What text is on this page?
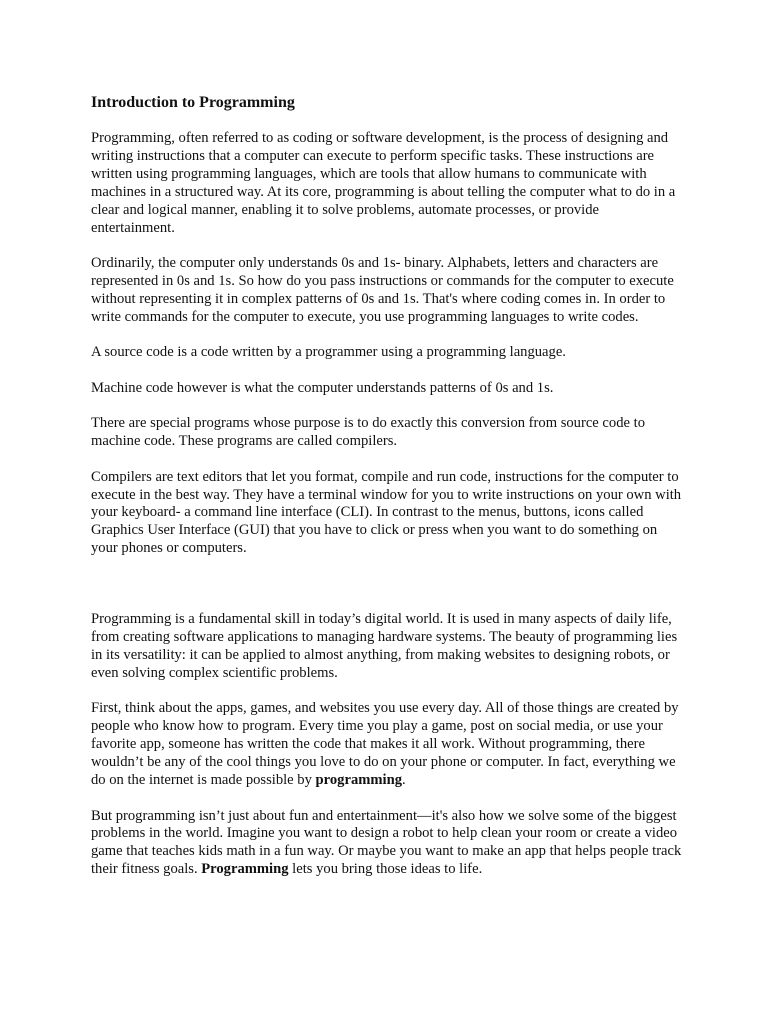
Introduction to Programming

Programming, often referred to as coding or software development, is the process of designing and writing instructions that a computer can execute to perform specific tasks. These instructions are written using programming languages, which are tools that allow humans to communicate with machines in a structured way. At its core, programming is about telling the computer what to do in a clear and logical manner, enabling it to solve problems, automate processes, or provide entertainment.

Ordinarily, the computer only understands 0s and 1s- binary. Alphabets, letters and characters are represented in 0s and 1s. So how do you pass instructions or commands for the computer to execute without representing it in complex patterns of 0s and 1s. That's where coding comes in. In order to write commands for the computer to execute, you use programming languages to write codes.

A source code is a code written by a programmer using a programming language.

Machine code however is what the computer understands patterns of 0s and 1s.

There are special programs whose purpose is to do exactly this conversion from source code to machine code. These programs are called compilers.

Compilers are text editors that let you format, compile and run code, instructions for the computer to execute in the best way. They have a terminal window for you to write instructions on your own with your keyboard- a command line interface (CLI). In contrast to the menus, buttons, icons called Graphics User Interface (GUI) that you have to click or press when you want to do something on your phones or computers.

Programming is a fundamental skill in today’s digital world. It is used in many aspects of daily life, from creating software applications to managing hardware systems. The beauty of programming lies in its versatility: it can be applied to almost anything, from making websites to designing robots, or even solving complex scientific problems.

First, think about the apps, games, and websites you use every day. All of those things are created by people who know how to program. Every time you play a game, post on social media, or use your favorite app, someone has written the code that makes it all work. Without programming, there wouldn’t be any of the cool things you love to do on your phone or computer. In fact, everything we do on the internet is made possible by programming.

But programming isn’t just about fun and entertainment—it's also how we solve some of the biggest problems in the world. Imagine you want to design a robot to help clean your room or create a video game that teaches kids math in a fun way. Or maybe you want to make an app that helps people track their fitness goals. Programming lets you bring those ideas to life.
